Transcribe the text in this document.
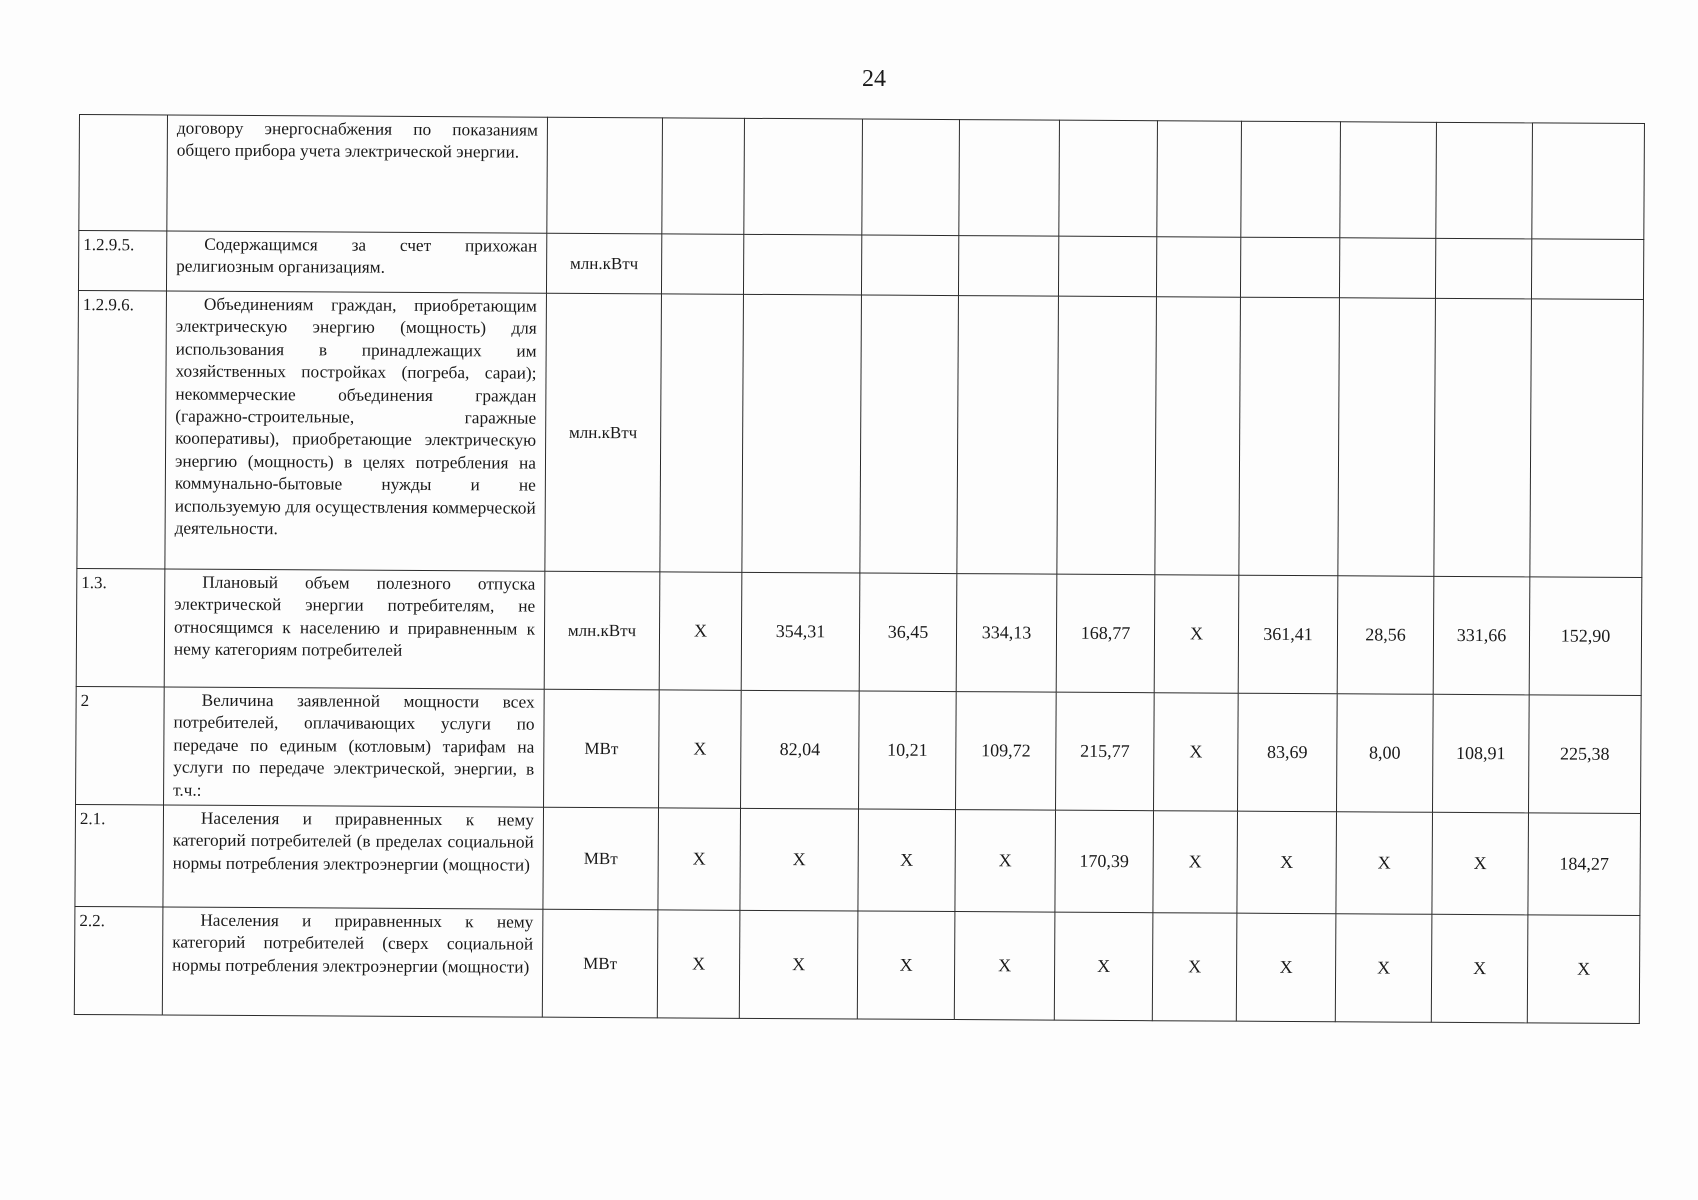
24
	договору энергоснабжения по показаниям общего прибора учета электрической энергии.											
1.2.9.5.	Содержащимся за счет прихожан религиозным организациям.	млн.кВтч										
1.2.9.6.	Объединениям граждан, приобретающим электрическую энергию (мощность) для использования в принадлежащих им хозяйственных постройках (погреба, сараи); некоммерческие объединения граждан (гаражно-строительные, гаражные кооперативы), приобретающие электрическую энергию (мощность) в целях потребления на коммунально-бытовые нужды и не используемую для осуществления коммерческой деятельности.	млн.кВтч										
1.3.	Плановый объем полезного отпуска электрической энергии потребителям, не относящимся к населению и приравненным к нему категориям потребителей	млн.кВтч	Х	354,31	36,45	334,13	168,77	Х	361,41	28,56	331,66	152,90
2	Величина заявленной мощности всех потребителей, оплачивающих услуги по передаче по единым (котловым) тарифам на услуги по передаче электрической, энергии, в т.ч.:	МВт	Х	82,04	10,21	109,72	215,77	Х	83,69	8,00	108,91	225,38
2.1.	Населения и приравненных к нему категорий потребителей (в пределах социальной нормы потребления электроэнергии (мощности)	МВт	Х	Х	Х	Х	170,39	Х	Х	Х	Х	184,27
2.2.	Населения и приравненных к нему категорий потребителей (сверх социальной нормы потребления электроэнергии (мощности)	МВт	Х	Х	Х	Х	Х	Х	Х	Х	Х	Х
